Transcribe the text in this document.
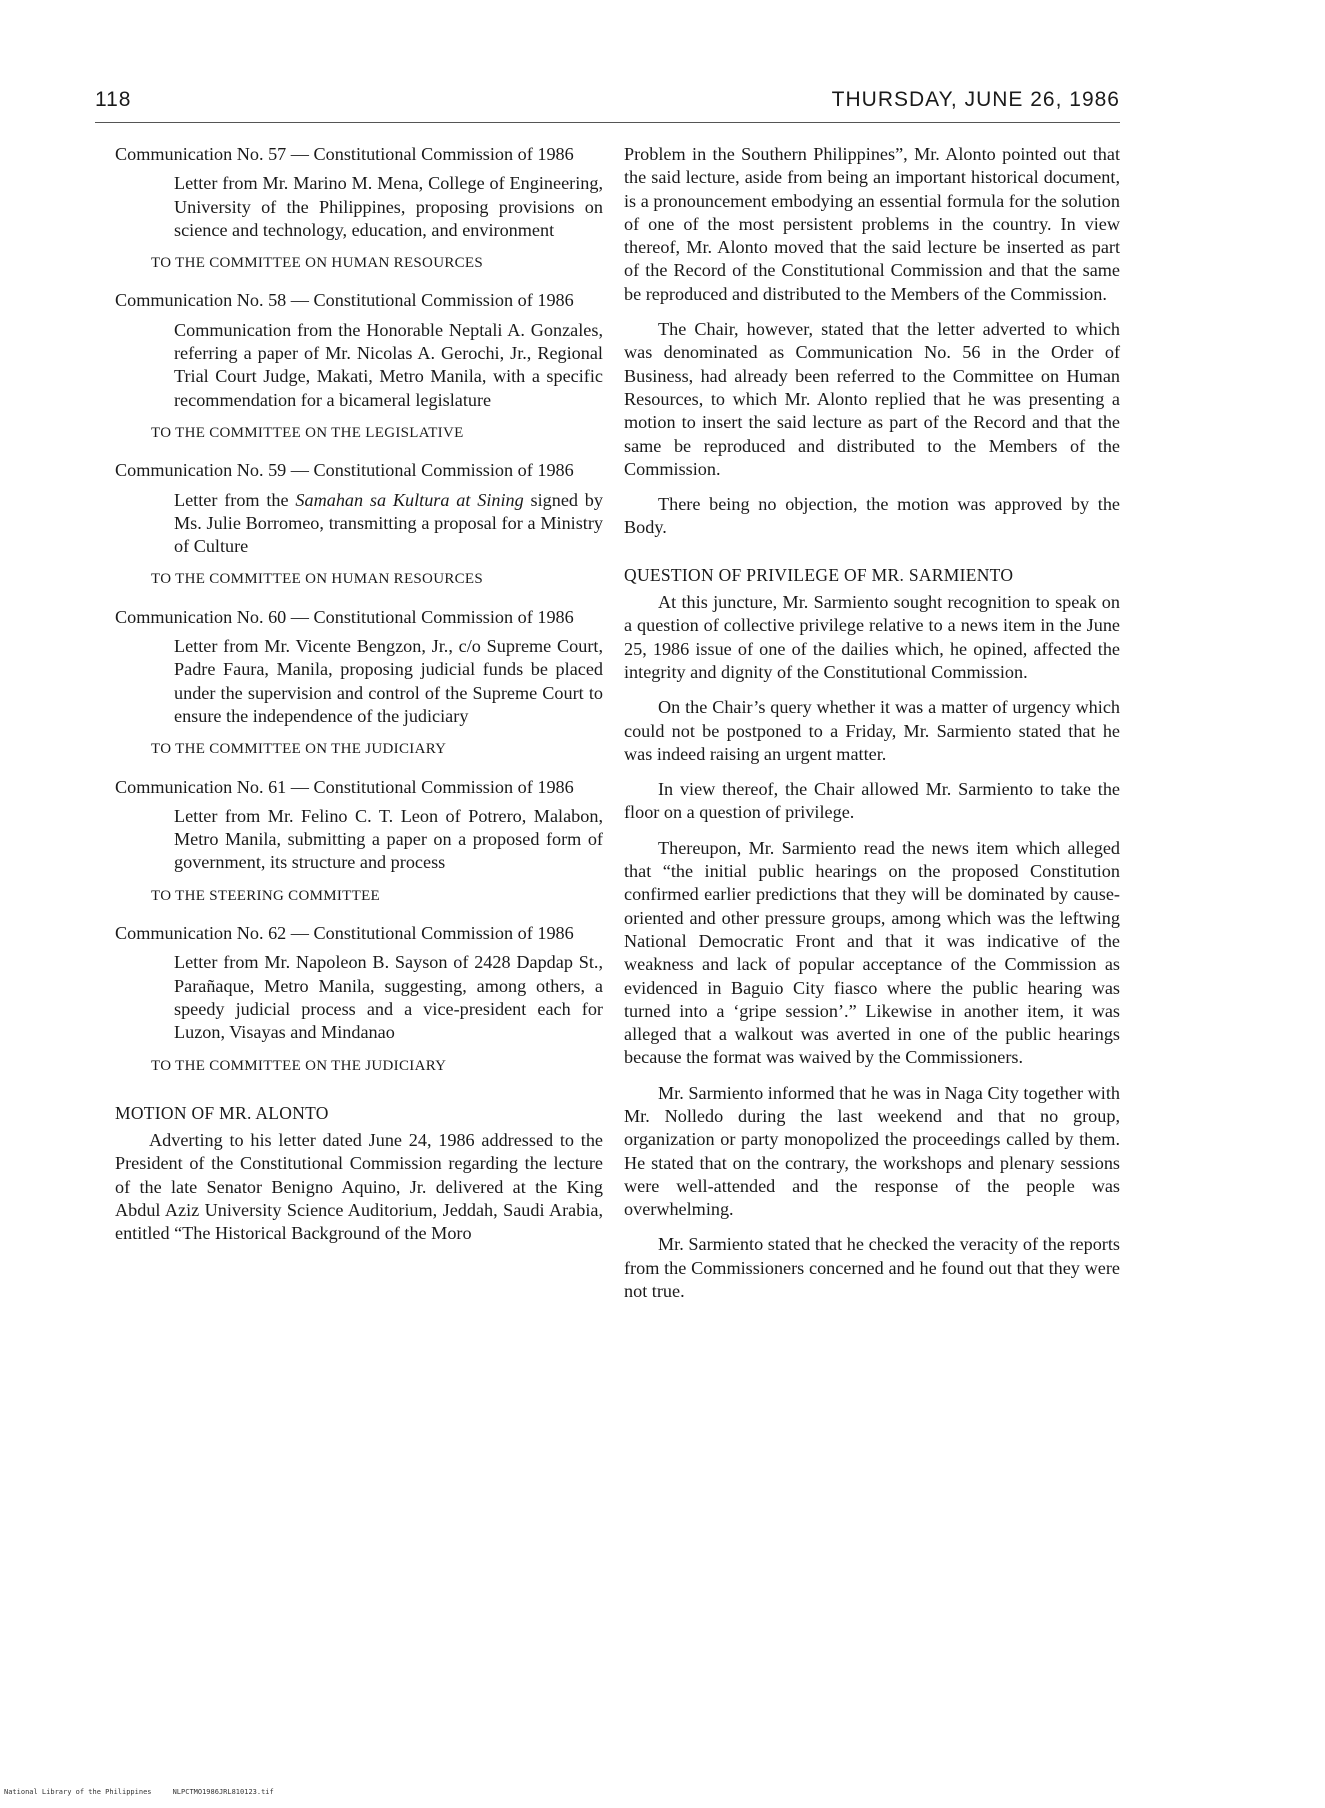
118	THURSDAY, JUNE 26, 1986
Communication No. 57 — Constitutional Commission of 1986
Letter from Mr. Marino M. Mena, College of Engineering, University of the Philippines, proposing provisions on science and technology, education, and environment
TO THE COMMITTEE ON HUMAN RESOURCES
Communication No. 58 — Constitutional Commission of 1986
Communication from the Honorable Neptali A. Gonzales, referring a paper of Mr. Nicolas A. Gerochi, Jr., Regional Trial Court Judge, Makati, Metro Manila, with a specific recommendation for a bicameral legislature
TO THE COMMITTEE ON THE LEGISLATIVE
Communication No. 59 — Constitutional Commission of 1986
Letter from the Samahan sa Kultura at Sining signed by Ms. Julie Borromeo, transmitting a proposal for a Ministry of Culture
TO THE COMMITTEE ON HUMAN RESOURCES
Communication No. 60 — Constitutional Commission of 1986
Letter from Mr. Vicente Bengzon, Jr., c/o Supreme Court, Padre Faura, Manila, proposing judicial funds be placed under the supervision and control of the Supreme Court to ensure the independence of the judiciary
TO THE COMMITTEE ON THE JUDICIARY
Communication No. 61 — Constitutional Commission of 1986
Letter from Mr. Felino C. T. Leon of Potrero, Malabon, Metro Manila, submitting a paper on a proposed form of government, its structure and process
TO THE STEERING COMMITTEE
Communication No. 62 — Constitutional Commission of 1986
Letter from Mr. Napoleon B. Sayson of 2428 Dapdap St., Parañaque, Metro Manila, suggesting, among others, a speedy judicial process and a vice-president each for Luzon, Visayas and Mindanao
TO THE COMMITTEE ON THE JUDICIARY
MOTION OF MR. ALONTO

Adverting to his letter dated June 24, 1986 addressed to the President of the Constitutional Commission regarding the lecture of the late Senator Benigno Aquino, Jr. delivered at the King Abdul Aziz University Science Auditorium, Jeddah, Saudi Arabia, entitled “The Historical Background of the Moro

Problem in the Southern Philippines”, Mr. Alonto pointed out that the said lecture, aside from being an important historical document, is a pronouncement embodying an essential formula for the solution of one of the most persistent problems in the country. In view thereof, Mr. Alonto moved that the said lecture be inserted as part of the Record of the Constitutional Commission and that the same be reproduced and distributed to the Members of the Commission.

The Chair, however, stated that the letter adverted to which was denominated as Communication No. 56 in the Order of Business, had already been referred to the Committee on Human Resources, to which Mr. Alonto replied that he was presenting a motion to insert the said lecture as part of the Record and that the same be reproduced and distributed to the Members of the Commission.

There being no objection, the motion was approved by the Body.

QUESTION OF PRIVILEGE OF MR. SARMIENTO

At this juncture, Mr. Sarmiento sought recognition to speak on a question of collective privilege relative to a news item in the June 25, 1986 issue of one of the dailies which, he opined, affected the integrity and dignity of the Constitutional Commission.

On the Chair’s query whether it was a matter of urgency which could not be postponed to a Friday, Mr. Sarmiento stated that he was indeed raising an urgent matter.

In view thereof, the Chair allowed Mr. Sarmiento to take the floor on a question of privilege.

Thereupon, Mr. Sarmiento read the news item which alleged that “the initial public hearings on the proposed Constitution confirmed earlier predictions that they will be dominated by cause-oriented and other pressure groups, among which was the leftwing National Democratic Front and that it was indicative of the weakness and lack of popular acceptance of the Commission as evidenced in Baguio City fiasco where the public hearing was turned into a ‘gripe session’.” Likewise in another item, it was alleged that a walkout was averted in one of the public hearings because the format was waived by the Commissioners.

Mr. Sarmiento informed that he was in Naga City together with Mr. Nolledo during the last weekend and that no group, organization or party monopolized the proceedings called by them. He stated that on the contrary, the workshops and plenary sessions were well-attended and the response of the people was overwhelming.

Mr. Sarmiento stated that he checked the veracity of the reports from the Commissioners concerned and he found out that they were not true.

National Library of the Philippines	NLPCTMO1986JRL810123.tif
